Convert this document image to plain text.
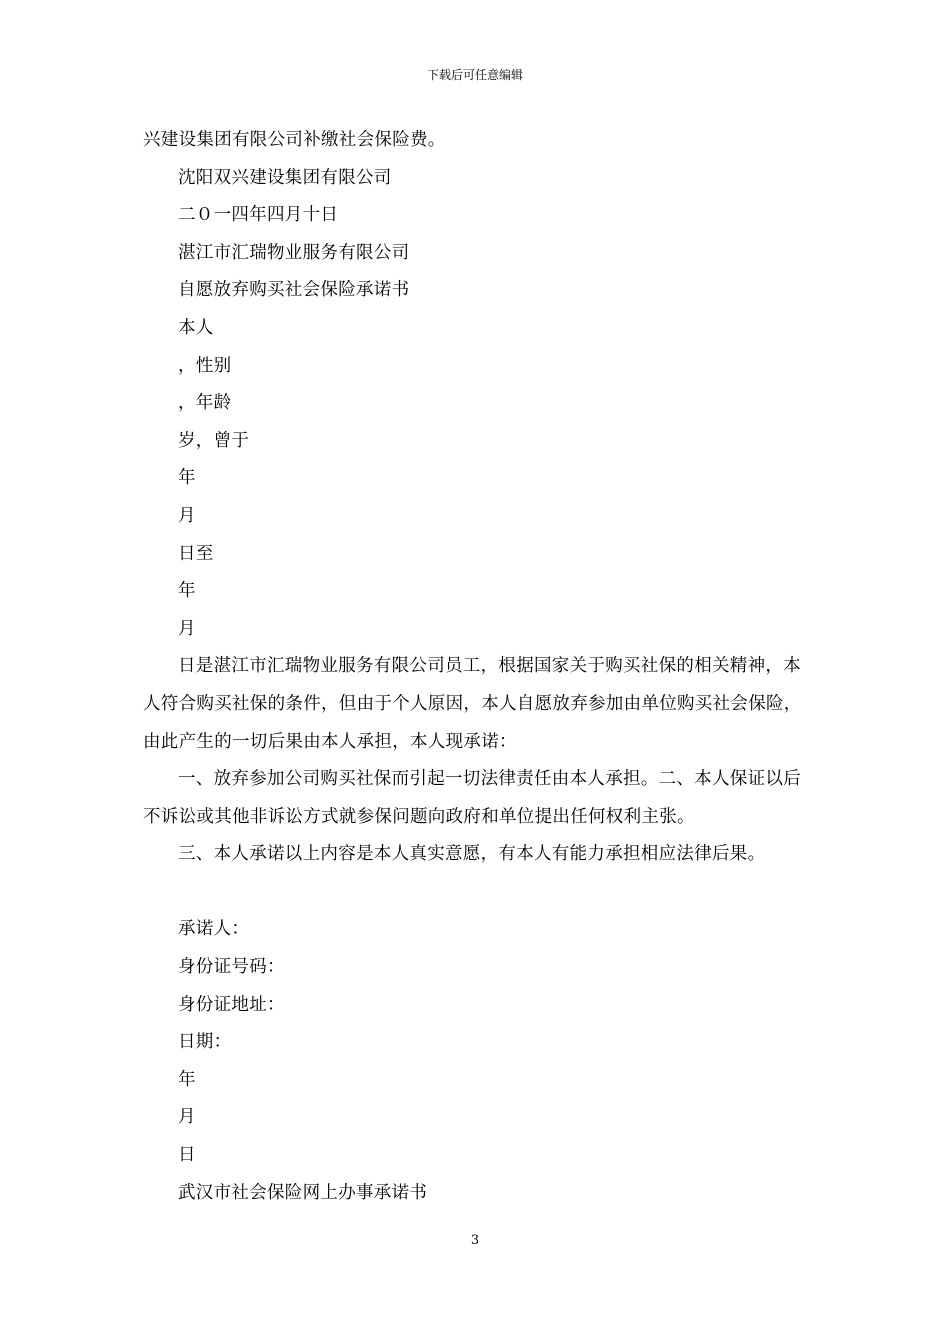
下载后可任意编辑

兴建设集团有限公司补缴社会保险费。

沈阳双兴建设集团有限公司

二０一四年四月十日

湛江市汇瑞物业服务有限公司

自愿放弃购买社会保险承诺书

本人

，性别

，年龄

岁，曾于

年

月

日至

年

月

日是湛江市汇瑞物业服务有限公司员工，根据国家关于购买社保的相关精神，本人符合购买社保的条件，但由于个人原因，本人自愿放弃参加由单位购买社会保险，由此产生的一切后果由本人承担，本人现承诺：

一、放弃参加公司购买社保而引起一切法律责任由本人承担。二、本人保证以后不诉讼或其他非诉讼方式就参保问题向政府和单位提出任何权利主张。

三、本人承诺以上内容是本人真实意愿，有本人有能力承担相应法律后果。

承诺人：

身份证号码：

身份证地址：

日期：

年

月

日

武汉市社会保险网上办事承诺书

3
